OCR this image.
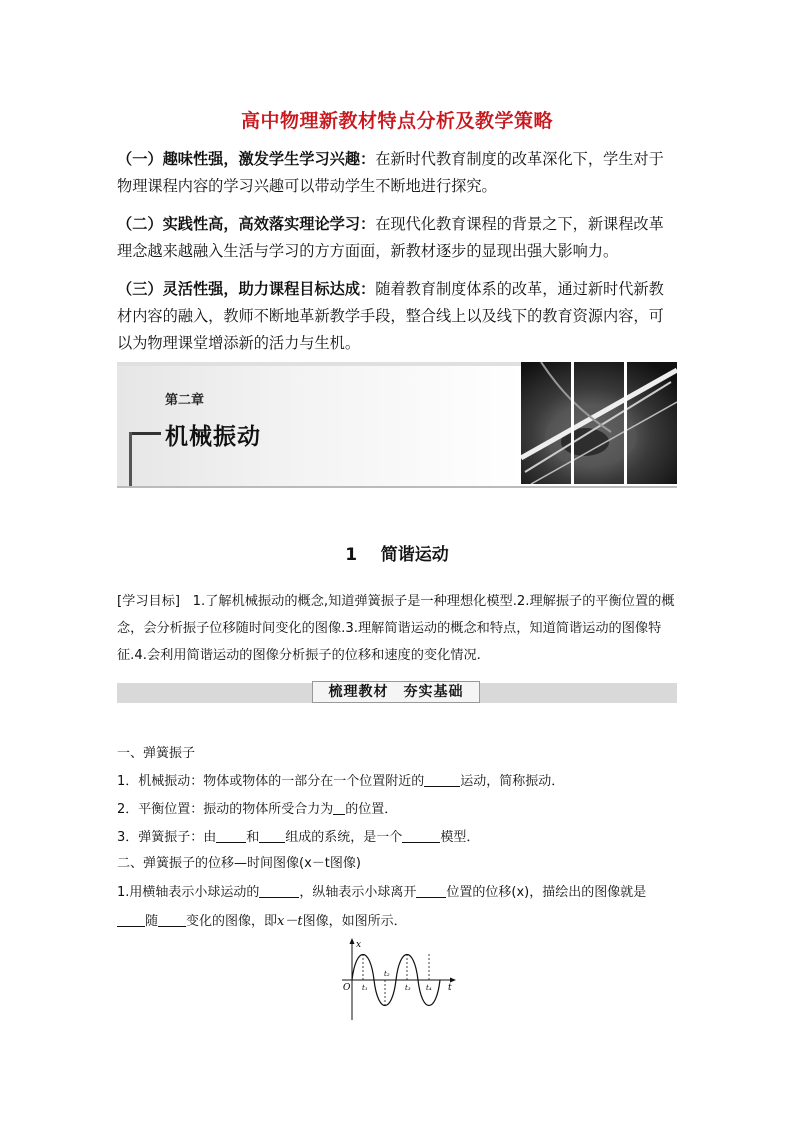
高中物理新教材特点分析及教学策略
（一）趣味性强，激发学生学习兴趣：在新时代教育制度的改革深化下，学生对于物理课程内容的学习兴趣可以带动学生不断地进行探究。
（二）实践性高，高效落实理论学习：在现代化教育课程的背景之下，新课程改革理念越来越融入生活与学习的方方面面，新教材逐步的显现出强大影响力。
（三）灵活性强，助力课程目标达成：随着教育制度体系的改革，通过新时代新教材内容的融入，教师不断地革新教学手段，整合线上以及线下的教育资源内容，可以为物理课堂增添新的活力与生机。
第二章
机械振动
1 简谐运动
[学习目标] 1.了解机械振动的概念,知道弹簧振子是一种理想化模型.2.理解振子的平衡位置的概念，会分析振子位移随时间变化的图像.3.理解简谐运动的概念和特点，知道简谐运动的图像特征.4.会利用简谐运动的图像分析振子的位移和速度的变化情况.
梳理教材　夯实基础
一、弹簧振子
1．机械振动：物体或物体的一部分在一个位置附近的	运动，简称振动．
2．平衡位置：振动的物体所受合力为 的位置．
3．弹簧振子：由 和 组成的系统，是一个	模型．
二、弹簧振子的位移—时间图像(x－t图像)
1.用横轴表示小球运动的	，纵轴表示小球离开 位置的位移(x)，描绘出的图像就是
随 变化的图像，即x－t图像，如图所示．
x
O	t
t₁
t₂
t₃ t₄
